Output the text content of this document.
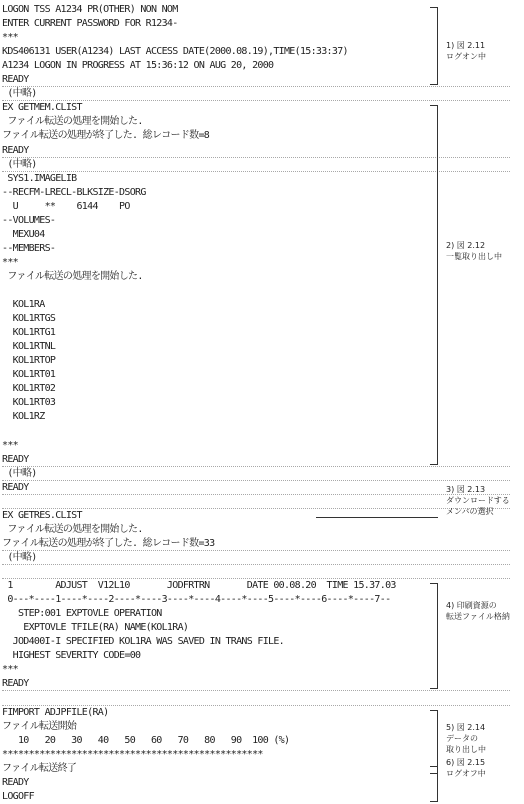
LOGON TSS A1234 PR(OTHER) NON NOM
ENTER CURRENT PASSWORD FOR R1234-
***
KDS406131 USER(A1234) LAST ACCESS DATE(2000.08.19),TIME(15:33:37)
A1234 LOGON IN PROGRESS AT 15:36:12 ON AUG 20, 2000
READY
(中略)
EX GETMEM.CLIST
ファイル転送の処理を開始した.
ファイル転送の処理が終了した. 総レコード数=8
READY
(中略)
SYS1.IMAGELIB
--RECFM-LRECL-BLKSIZE-DSORG
U     **    6144    PO
--VOLUMES-
MEXU04
--MEMBERS-
***
ファイル転送の処理を開始した.
KOL1RA
KOL1RTGS
KOL1RTG1
KOL1RTNL
KOL1RTOP
KOL1RT01
KOL1RT02
KOL1RT03
KOL1RZ
***
READY
(中略)
READY
EX GETRES.CLIST
ファイル転送の処理を開始した.
ファイル転送の処理が終了した. 総レコード数=33
(中略)
1        ADJUST  V12L10       JODFRTRN       DATE 00.08.20  TIME 15.37.03
0---*----1----*----2----*----3----*----4----*----5----*----6----*----7--
STEP:001 EXPTOVLE OPERATION
EXPTOVLE TFILE(RA) NAME(KOL1RA)
JOD400I-I SPECIFIED KOL1RA WAS SAVED IN TRANS FILE.
HIGHEST SEVERITY CODE=00
***
READY
FIMPORT ADJPFILE(RA)
ファイル転送開始
10   20   30   40   50   60   70   80   90  100 (%)
*************************************************
ファイル転送終了
READY
LOGOFF
1) 図 2.11
ログオン中
2) 図 2.12
一覧取り出し中
3) 図 2.13
ダウンロードする
メンバの選択
4) 印刷資源の
転送ファイル格納
5) 図 2.14
データの
取り出し中
6) 図 2.15
ログオフ中
